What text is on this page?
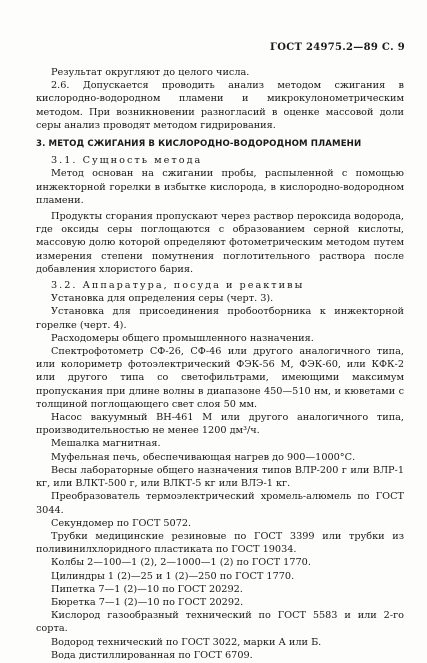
ГОСТ 24975.2—89 С. 9

Результат округляют до целого числа.

2.6. Допускается проводить анализ методом сжигания в кислородно-водородном пламени и микрокулонометрическим методом. При возникновении разногласий в оценке массовой доли серы анализ проводят методом гидрирования.

3. МЕТОД СЖИГАНИЯ В КИСЛОРОДНО-ВОДОРОДНОМ ПЛАМЕНИ

3.1. Сущность метода

Метод основан на сжигании пробы, распыленной с помощью инжекторной горелки в избытке кислорода, в кислородно-водородном пламени.

Продукты сгорания пропускают через раствор пероксида водорода, где оксиды серы поглощаются с образованием серной кислоты, массовую долю которой определяют фотометрическим методом путем измерения степени помутнения поглотительного раствора после добавления хлористого бария.

3.2. Аппаратура, посуда и реактивы

Установка для определения серы (черт. 3).

Установка для присоединения пробоотборника к инжекторной горелке (черт. 4).

Расходомеры общего промышленного назначения.

Спектрофотометр СФ-26, СФ-46 или другого аналогичного типа, или колориметр фотоэлектрический ФЭК-56 М, ФЭК-60, или КФК-2 или другого типа со светофильтрами, имеющими максимум пропускания при длине волны в диапазоне 450—510 нм, и кюветами с толщиной поглощающего свет слоя 50 мм.

Насос вакуумный ВН-461 М или другого аналогичного типа, производительностью не менее 1200 дм³/ч.

Мешалка магнитная.

Муфельная печь, обеспечивающая нагрев до 900—1000°С.

Весы лабораторные общего назначения типов ВЛР-200 г или ВЛР-1 кг, или ВЛКТ-500 г, или ВЛКТ-5 кг или ВЛЭ-1 кг.

Преобразователь термоэлектрический хромель-алюмель по ГОСТ 3044.

Секундомер по ГОСТ 5072.

Трубки медицинские резиновые по ГОСТ 3399 или трубки из поливинилхлоридного пластиката по ГОСТ 19034.

Колбы 2—100—1 (2), 2—1000—1 (2) по ГОСТ 1770.

Цилиндры 1 (2)—25 и 1 (2)—250 по ГОСТ 1770.

Пипетка 7—1 (2)—10 по ГОСТ 20292.

Бюретка 7—1 (2)—10 по ГОСТ 20292.

Кислород газообразный технический по ГОСТ 5583 и или 2-го сорта.

Водород технический по ГОСТ 3022, марки А или Б.

Вода дистиллированная по ГОСТ 6709.
